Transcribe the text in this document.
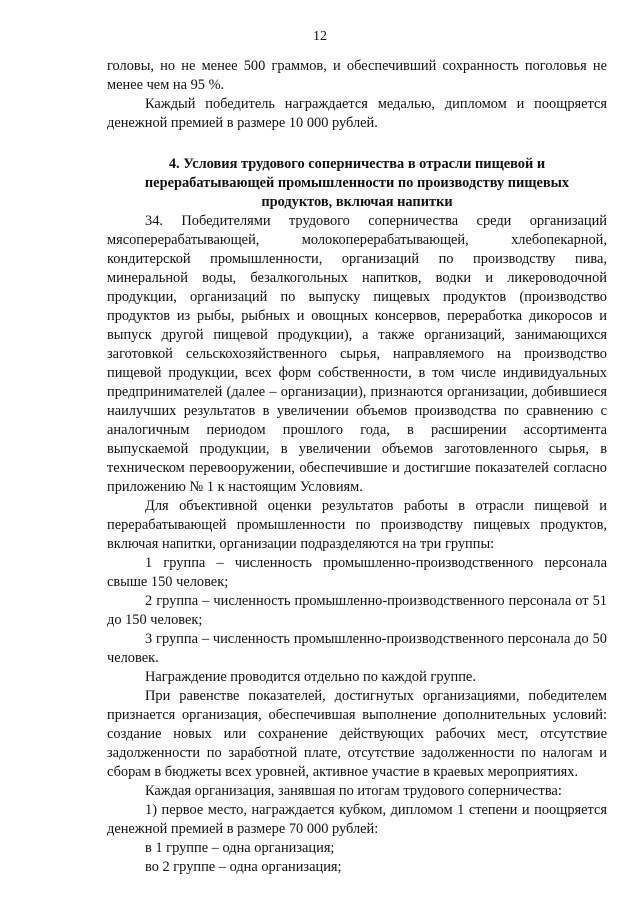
12

головы, но не менее 500 граммов, и обеспечивший сохранность поголовья не менее чем на 95 %.

Каждый победитель награждается медалью, дипломом и поощряется денежной премией в размере 10 000 рублей.

4. Условия трудового соперничества в отрасли пищевой и перерабатывающей промышленности по производству пищевых продуктов, включая напитки

34. Победителями трудового соперничества среди организаций мясоперерабатывающей, молокоперерабатывающей, хлебопекарной, кондитерской промышленности, организаций по производству пива, минеральной воды, безалкогольных напитков, водки и ликероводочной продукции, организаций по выпуску пищевых продуктов (производство продуктов из рыбы, рыбных и овощных консервов, переработка дикоросов и выпуск другой пищевой продукции), а также организаций, занимающихся заготовкой сельскохозяйственного сырья, направляемого на производство пищевой продукции, всех форм собственности, в том числе индивидуальных предпринимателей (далее – организации), признаются организации, добившиеся наилучших результатов в увеличении объемов производства по сравнению с аналогичным периодом прошлого года, в расширении ассортимента выпускаемой продукции, в увеличении объемов заготовленного сырья, в техническом перевооружении, обеспечившие и достигшие показателей согласно приложению № 1 к настоящим Условиям.

Для объективной оценки результатов работы в отрасли пищевой и перерабатывающей промышленности по производству пищевых продуктов, включая напитки, организации подразделяются на три группы:

1 группа – численность промышленно-производственного персонала свыше 150 человек;

2 группа – численность промышленно-производственного персонала от 51 до 150 человек;

3 группа – численность промышленно-производственного персонала до 50 человек.

Награждение проводится отдельно по каждой группе.

При равенстве показателей, достигнутых организациями, победителем признается организация, обеспечившая выполнение дополнительных условий: создание новых или сохранение действующих рабочих мест, отсутствие задолженности по заработной плате, отсутствие задолженности по налогам и сборам в бюджеты всех уровней, активное участие в краевых мероприятиях.

Каждая организация, занявшая по итогам трудового соперничества:

1) первое место, награждается кубком, дипломом 1 степени и поощряется денежной премией в размере 70 000 рублей:

в 1 группе – одна организация;

во 2 группе – одна организация;
